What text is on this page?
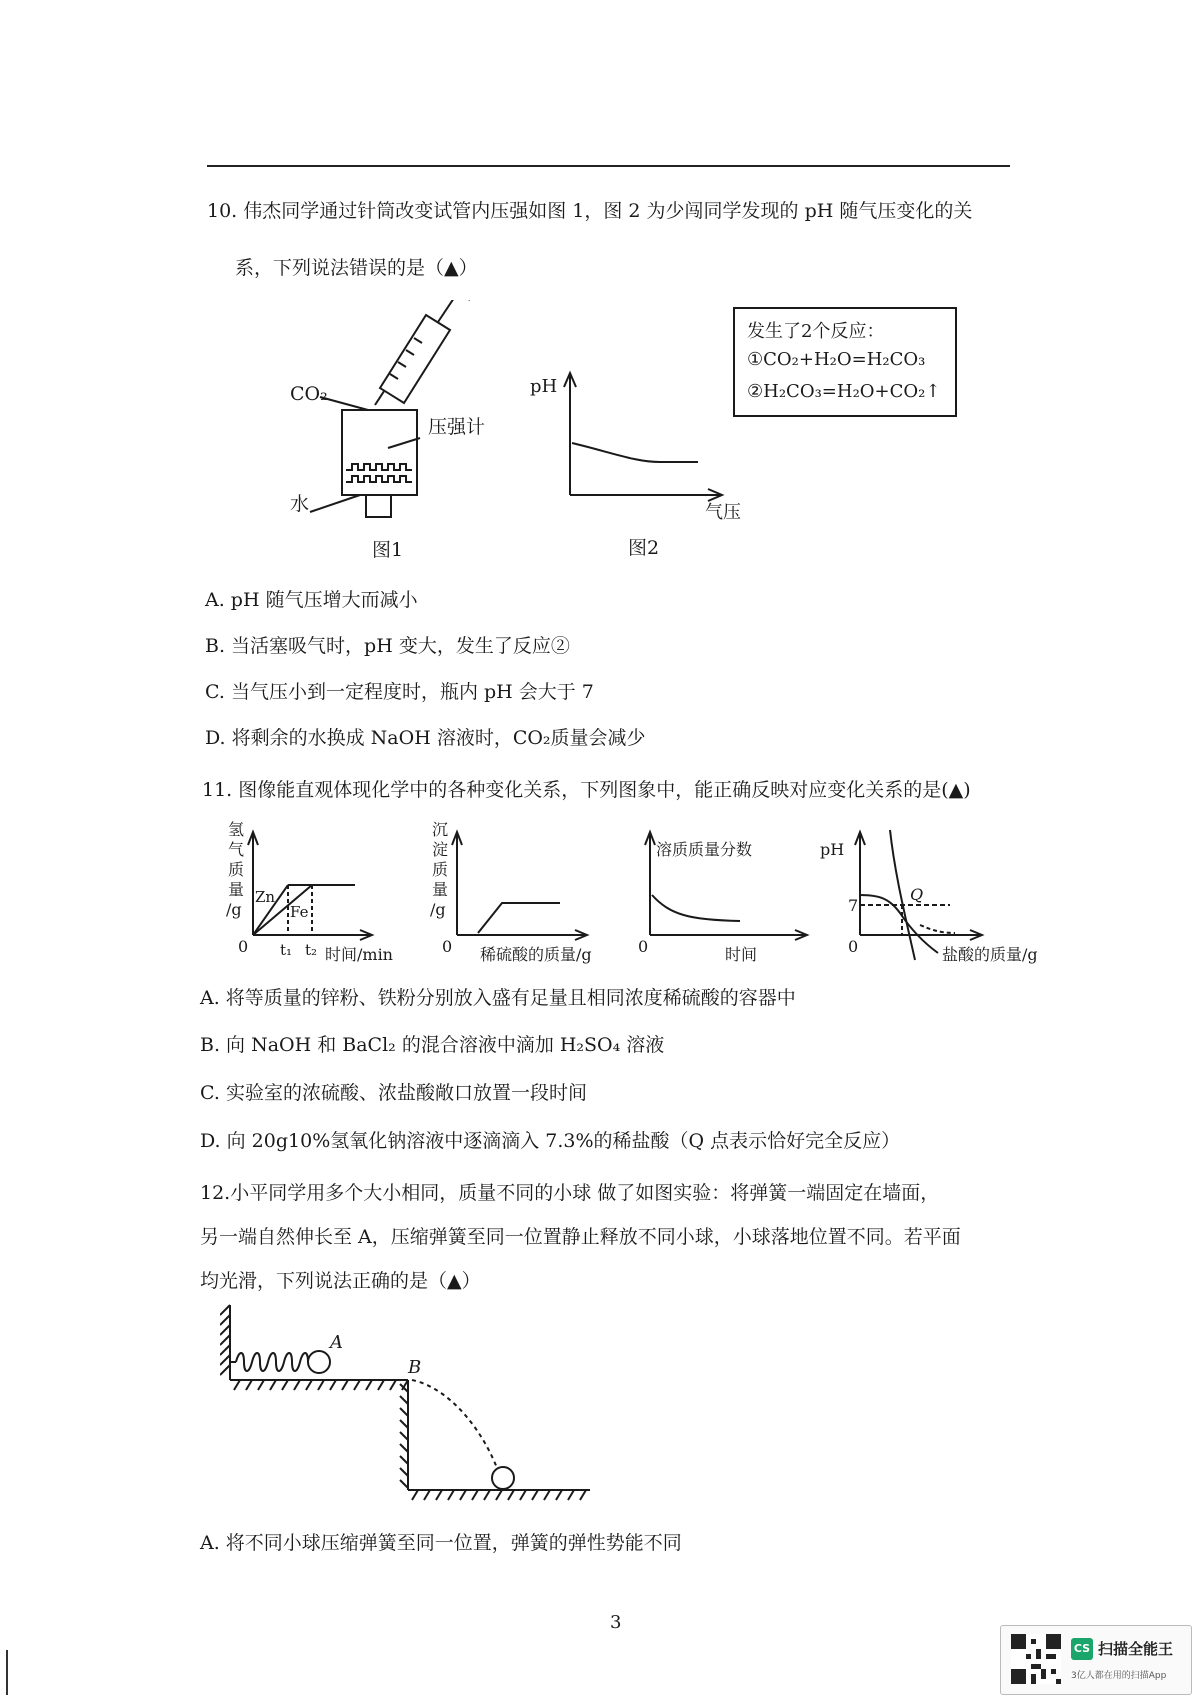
10. 伟杰同学通过针筒改变试管内压强如图 1，图 2 为少闯同学发现的 pH 随气压变化的关
系，下列说法错误的是（▲）
CO₂
压强计
水
图1
pH
气压
图2
发生了2个反应：
①CO₂+H₂O=H₂CO₃
②H₂CO₃=H₂O+CO₂↑
A. pH 随气压增大而减小
B. 当活塞吸气时，pH 变大，发生了反应②
C. 当气压小到一定程度时，瓶内 pH 会大于 7
D. 将剩余的水换成 NaOH 溶液时，CO₂质量会减少
11. 图像能直观体现化学中的各种变化关系，下列图象中，能正确反映对应变化关系的是(▲)
氢
气
质
量
/g
Zn
Fe
0 t₁ t₂ 时间/min
沉
淀
质
量
/g
0 稀硫酸的质量/g
溶质质量分数
0	时间
pH
7
Q
0	盐酸的质量/g
A. 将等质量的锌粉、铁粉分别放入盛有足量且相同浓度稀硫酸的容器中
B. 向 NaOH 和 BaCl₂ 的混合溶液中滴加 H₂SO₄ 溶液
C. 实验室的浓硫酸、浓盐酸敞口放置一段时间
D. 向 20g10%氢氧化钠溶液中逐滴滴入 7.3%的稀盐酸（Q 点表示恰好完全反应）
12.小平同学用多个大小相同，质量不同的小球 做了如图实验：将弹簧一端固定在墙面，
另一端自然伸长至 A，压缩弹簧至同一位置静止释放不同小球，小球落地位置不同。若平面
均光滑，下列说法正确的是（▲）
A
B
A. 将不同小球压缩弹簧至同一位置，弹簧的弹性势能不同
3
CS 扫描全能王
3亿人都在用的扫描App
